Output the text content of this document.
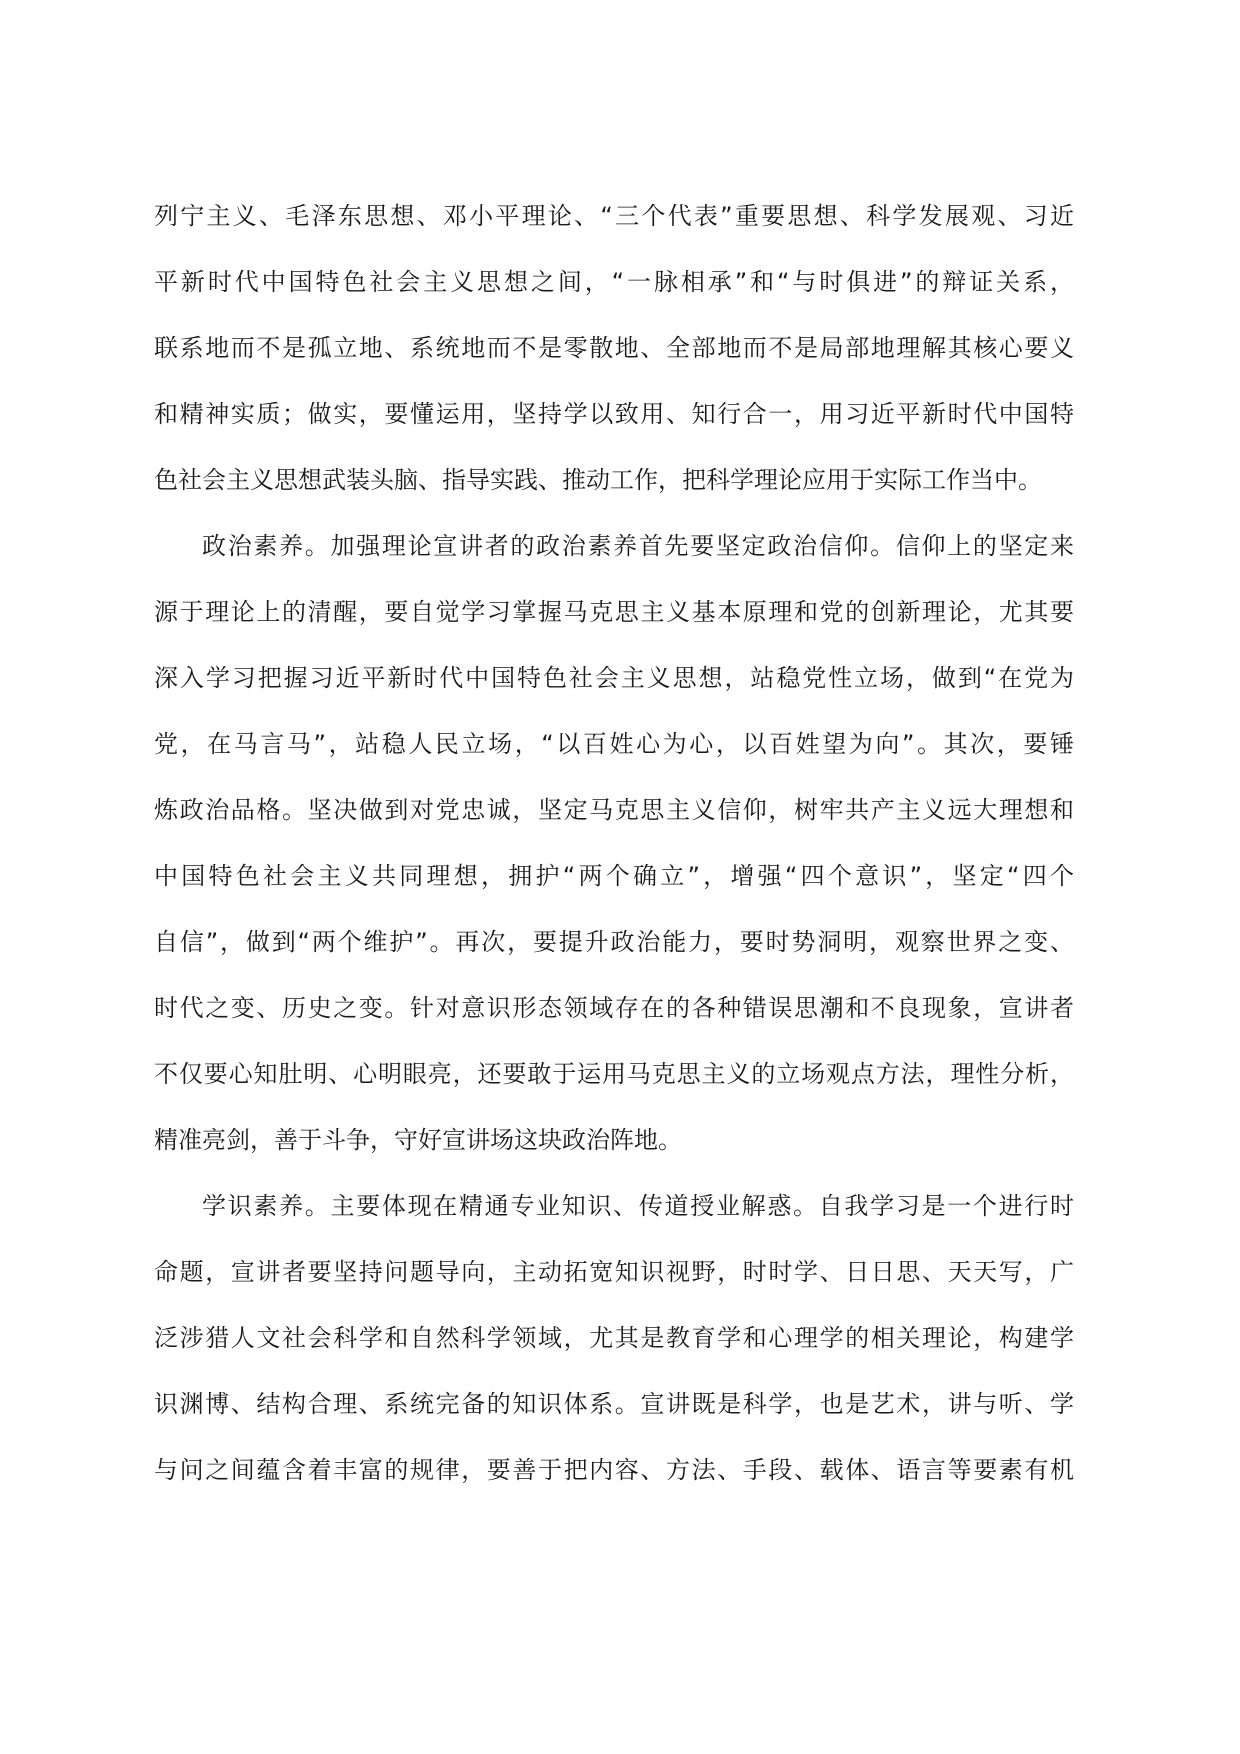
列宁主义、毛泽东思想、邓小平理论、“三个代表”重要思想、科学发展观、习近
平新时代中国特色社会主义思想之间，“一脉相承”和“与时俱进”的辩证关系，
联系地而不是孤立地、系统地而不是零散地、全部地而不是局部地理解其核心要义
和精神实质；做实，要懂运用，坚持学以致用、知行合一，用习近平新时代中国特
色社会主义思想武装头脑、指导实践、推动工作，把科学理论应用于实际工作当中。
政治素养。加强理论宣讲者的政治素养首先要坚定政治信仰。信仰上的坚定来
源于理论上的清醒，要自觉学习掌握马克思主义基本原理和党的创新理论，尤其要
深入学习把握习近平新时代中国特色社会主义思想，站稳党性立场，做到“在党为
党，在马言马”，站稳人民立场，“以百姓心为心，以百姓望为向”。其次，要锤
炼政治品格。坚决做到对党忠诚，坚定马克思主义信仰，树牢共产主义远大理想和
中国特色社会主义共同理想，拥护“两个确立”，增强“四个意识”，坚定“四个
自信”，做到“两个维护”。再次，要提升政治能力，要时势洞明，观察世界之变、
时代之变、历史之变。针对意识形态领域存在的各种错误思潮和不良现象，宣讲者
不仅要心知肚明、心明眼亮，还要敢于运用马克思主义的立场观点方法，理性分析，
精准亮剑，善于斗争，守好宣讲场这块政治阵地。
学识素养。主要体现在精通专业知识、传道授业解惑。自我学习是一个进行时
命题，宣讲者要坚持问题导向，主动拓宽知识视野，时时学、日日思、天天写，广
泛涉猎人文社会科学和自然科学领域，尤其是教育学和心理学的相关理论，构建学
识渊博、结构合理、系统完备的知识体系。宣讲既是科学，也是艺术，讲与听、学
与问之间蕴含着丰富的规律，要善于把内容、方法、手段、载体、语言等要素有机
